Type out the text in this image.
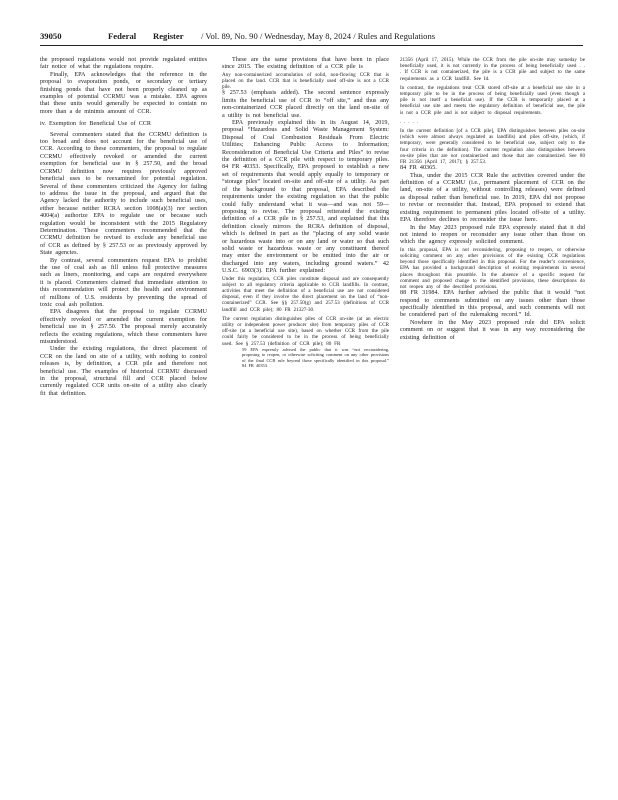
39050	Federal Register / Vol. 89, No. 90 / Wednesday, May 8, 2024 / Rules and Regulations

the proposed regulations would not provide regulated entities fair notice of what the regulations require.

Finally, EPA acknowledges that the reference in the proposal to evaporation ponds, or secondary or tertiary finishing ponds that have not been properly cleaned up as examples of potential CCRMU was a mistake. EPA agrees that these units would generally be expected to contain no more than a de minimis amount of CCR.

iv. Exemption for Beneficial Use of CCR

Several commenters stated that the CCRMU definition is too broad and does not account for the beneficial use of CCR. According to these commenters, the proposal to regulate CCRMU effectively revoked or amended the current exemption for beneficial use in § 257.50, and the broad CCRMU definition now requires previously approved beneficial uses to be reexamined for potential regulation. Several of these commenters criticized the Agency for failing to address the issue in the proposal, and argued that the Agency lacked the authority to include such beneficial uses, either because neither RCRA section 1008(a)(3) nor section 4004(a) authorize EPA to regulate use or because such regulation would be inconsistent with the 2015 Regulatory Determination. These commenters recommended that the CCRMU definition be revised to exclude any beneficial use of CCR as defined by § 257.53 or as previously approved by State agencies.

By contrast, several commenters request EPA to prohibit the use of coal ash as fill unless full protective measures such as liners, monitoring, and caps are required everywhere it is placed. Commenters claimed that immediate attention to this recommendation will protect the health and environment of millions of U.S. residents by preventing the spread of toxic coal ash pollution.

EPA disagrees that the proposal to regulate CCRMU effectively revoked or amended the current exemption for beneficial use in § 257.50. The proposal merely accurately reflects the existing regulations, which these commenters have misunderstood.

Under the existing regulations, the direct placement of CCR on the land on site of a utility, with nothing to control releases is, by definition, a CCR pile and therefore not beneficial use. The examples of historical CCRMU discussed in the proposal, structural fill and CCR placed below currently regulated CCR units on-site of a utility also clearly fit that definition.

These are the same provisions that have been in place since 2015. The existing definition of a CCR pile is

Any non-containerized accumulation of solid, non-flowing CCR that is placed on the land. CCR that is beneficially used off-site is not a CCR pile.

§ 257.53 (emphasis added). The second sentence expressly limits the beneficial use of CCR to “off site,” and thus any non-containerized CCR placed directly on the land on-site of a utility is not beneficial use.

EPA previously explained this in its August 14, 2019, proposal “Hazardous and Solid Waste Management System: Disposal of Coal Combustion Residuals From Electric Utilities; Enhancing Public Access to Information; Reconsideration of Beneficial Use Criteria and Piles” to revise the definition of a CCR pile with respect to temporary piles. 84 FR 40353. Specifically, EPA proposed to establish a new set of requirements that would apply equally to temporary or “storage piles” located on-site and off-site of a utility. As part of the background to that proposal, EPA described the requirements under the existing regulation so that the public could fully understand what it was—and was not 59—proposing to revise. The proposal reiterated the existing definition of a CCR pile in § 257.53, and explained that this definition closely mirrors the RCRA definition of disposal, which is defined in part as the “placing of any solid waste or hazardous waste into or on any land or water so that such solid waste or hazardous waste or any constituent thereof may enter the environment or be emitted into the air or discharged into any waters, including ground waters.” 42 U.S.C. 6903(3). EPA further explained:

Under this regulation, CCR piles constitute disposal and are consequently subject to all regulatory criteria applicable to CCR landfills. In contrast, activities that meet the definition of a beneficial use are not considered disposal, even if they involve the direct placement on the land of “non-containerized” CCR. See §§ 257.50(g) and 257.53 (definitions of CCR landfill and CCR pile); 80 FR 21327-30.

The current regulation distinguishes piles of CCR on-site (at an electric utility or independent power producer site) from temporary piles of CCR off-site (at a beneficial use site), based on whether CCR from the pile could fairly be considered to be in the process of being beneficially used. See § 257.53 (definition of CCR pile); 80 FR

59 EPA expressly advised the public that it was “not reconsidering, proposing to reopen, or otherwise soliciting comment on any other provisions of the final CCR rule beyond those specifically identified in this proposal.” 84 FR 40353.

21356 (April 17, 2015). While the CCR from the pile on-site may someday be beneficially used, it is not currently in the process of being beneficially used . . . If CCR is not containerized, the pile is a CCR pile and subject to the same requirements as a CCR landfill. See Id.

In contrast, the regulations treat CCR stored off-site at a beneficial use site in a temporary pile to be in the process of being beneficially used (even though a pile is not itself a beneficial use). If the CCR is temporarily placed at a beneficial use site and meets the regulatory definition of beneficial use, the pile is not a CCR pile and is not subject to disposal requirements.

. . . . .

In the current definition [of a CCR pile], EPA distinguishes between piles on-site (which were almost always regulated as landfills) and piles off-site, (which, if temporary, were generally considered to be beneficial use, subject only to the four criteria in the definition). The current regulation also distinguishes between on-site piles that are not containerized and those that are containerized. See 80 FR 21356 (April 17, 2017); § 257.53.

84 FR 40365.

Thus, under the 2015 CCR Rule the activities covered under the definition of a CCRMU (i.e., permanent placement of CCR on the land, on-site of a utility, without controlling releases) were defined as disposal rather than beneficial use. In 2019, EPA did not propose to revise or reconsider that. Instead, EPA proposed to extend that existing requirement to permanent piles located off-site of a utility. EPA therefore declines to reconsider the issue here.

In the May 2023 proposed rule EPA expressly stated that it did not intend to reopen or reconsider any issue other than those on which the agency expressly solicited comment.

In this proposal, EPA is not reconsidering, proposing to reopen, or otherwise soliciting comment on any other provisions of the existing CCR regulations beyond those specifically identified in this proposal. For the reader’s convenience, EPA has provided a background description of existing requirements in several places throughout this preamble. In the absence of a specific request for comment and proposed change to the identified provisions, these descriptions do not reopen any of the described provisions.

88 FR 31984. EPA further advised the public that it would “not respond to comments submitted on any issues other than those specifically identified in this proposal, and such comments will not be considered part of the rulemaking record.” Id.

Nowhere in the May 2023 proposed rule did EPA solicit comment on or suggest that it was in any way reconsidering the existing definition of
